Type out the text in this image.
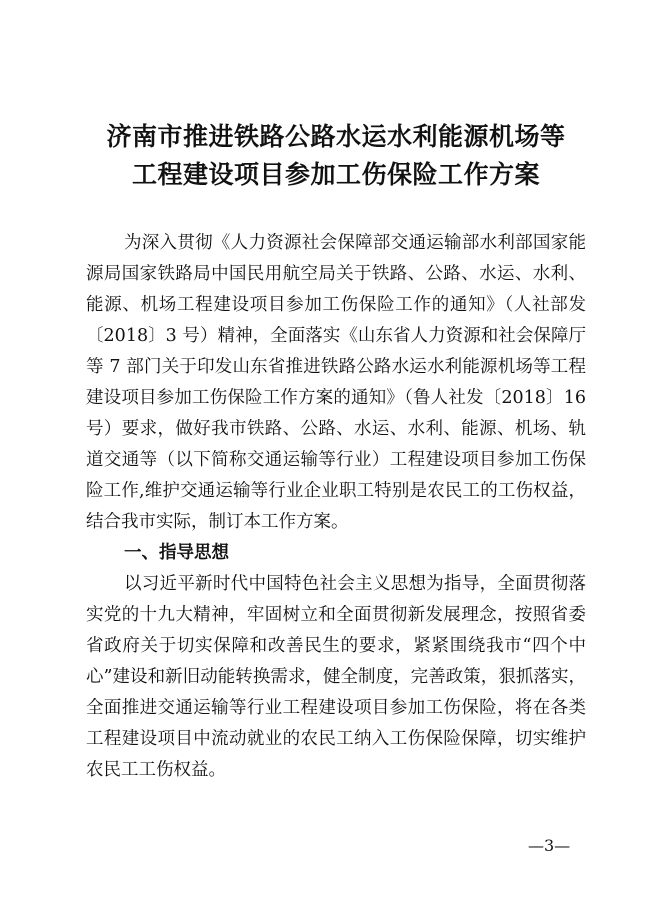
济南市推进铁路公路水运水利能源机场等
工程建设项目参加工伤保险工作方案
为深入贯彻《人力资源社会保障部交通运输部水利部国家能
源局国家铁路局中国民用航空局关于铁路、公路、水运、水利、
能源、机场工程建设项目参加工伤保险工作的通知》（人社部发
〔2018〕3 号）精神，全面落实《山东省人力资源和社会保障厅
等 7 部门关于印发山东省推进铁路公路水运水利能源机场等工程
建设项目参加工伤保险工作方案的通知》（鲁人社发〔2018〕16
号）要求，做好我市铁路、公路、水运、水利、能源、机场、轨
道交通等（以下简称交通运输等行业）工程建设项目参加工伤保
险工作,维护交通运输等行业企业职工特别是农民工的工伤权益，
结合我市实际，制订本工作方案。
一、指导思想
以习近平新时代中国特色社会主义思想为指导，全面贯彻落
实党的十九大精神，牢固树立和全面贯彻新发展理念，按照省委
省政府关于切实保障和改善民生的要求，紧紧围绕我市“四个中
心”建设和新旧动能转换需求，健全制度，完善政策，狠抓落实，
全面推进交通运输等行业工程建设项目参加工伤保险，将在各类
工程建设项目中流动就业的农民工纳入工伤保险保障，切实维护
农民工工伤权益。
—3—
